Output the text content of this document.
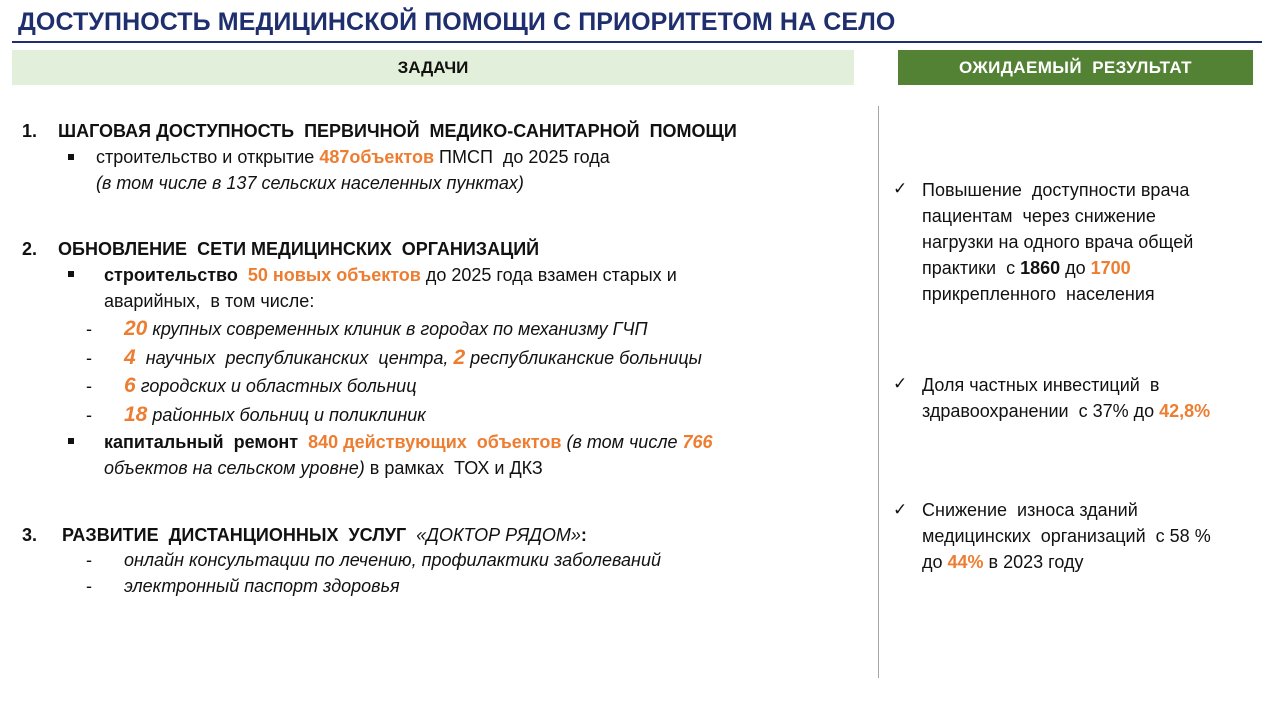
ДОСТУПНОСТЬ МЕДИЦИНСКОЙ ПОМОЩИ С ПРИОРИТЕТОМ НА СЕЛО
ЗАДАЧИ	ОЖИДАЕМЫЙ  РЕЗУЛЬТАТ
1. ШАГОВАЯ ДОСТУПНОСТЬ  ПЕРВИЧНОЙ  МЕДИКО-САНИТАРНОЙ  ПОМОЩИ
строительство и открытие 487объектов ПМСП  до 2025 года
(в том числе в 137 сельских населенных пунктах)
2. ОБНОВЛЕНИЕ  СЕТИ МЕДИЦИНСКИХ  ОРГАНИЗАЦИЙ
строительство 50 новых объектов до 2025 года взамен старых и
аварийных,  в том числе:
- 20 крупных современных клиник в городах по механизму ГЧП
- 4  научных  республиканских  центра, 2 республиканские больницы
- 6 городских и областных больниц
- 18 районных больниц и поликлиник
капитальный  ремонт 840 действующих  объектов (в том числе 766
объектов на сельском уровне) в рамках  ТОХ и ДКЗ
3. РАЗВИТИЕ  ДИСТАНЦИОННЫХ  УСЛУГ «ДОКТОР РЯДОМ»:
- онлайн консультации по лечению, профилактики заболеваний
- электронный паспорт здоровья
✓ Повышение  доступности врача
пациентам  через снижение
нагрузки на одного врача общей
практики  с 1860 до 1700
прикрепленного  населения
✓ Доля частных инвестиций  в
здравоохранении  с 37% до 42,8%
✓ Снижение  износа зданий
медицинских  организаций  с 58 %
до 44% в 2023 году
